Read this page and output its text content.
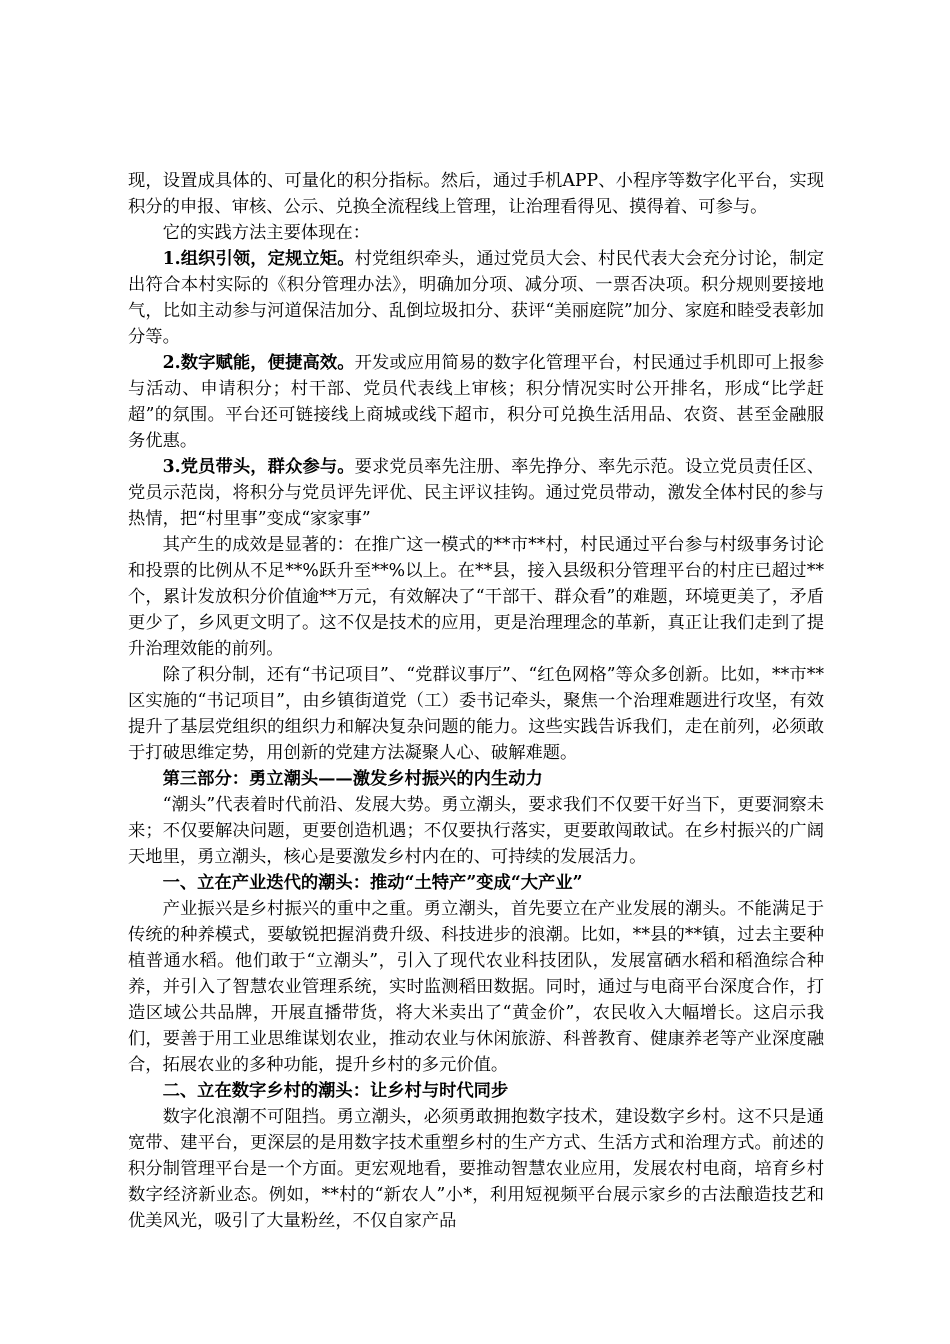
现，设置成具体的、可量化的积分指标。然后，通过手机APP、小程序等数字化平台，实现积分的申报、审核、公示、兑换全流程线上管理，让治理看得见、摸得着、可参与。

它的实践方法主要体现在：

1.组织引领，定规立矩。村党组织牵头，通过党员大会、村民代表大会充分讨论，制定出符合本村实际的《积分管理办法》，明确加分项、减分项、一票否决项。积分规则要接地气，比如主动参与河道保洁加分、乱倒垃圾扣分、获评“美丽庭院”加分、家庭和睦受表彰加分等。

2.数字赋能，便捷高效。开发或应用简易的数字化管理平台，村民通过手机即可上报参与活动、申请积分；村干部、党员代表线上审核；积分情况实时公开排名，形成“比学赶超”的氛围。平台还可链接线上商城或线下超市，积分可兑换生活用品、农资、甚至金融服务优惠。

3.党员带头，群众参与。要求党员率先注册、率先挣分、率先示范。设立党员责任区、党员示范岗，将积分与党员评先评优、民主评议挂钩。通过党员带动，激发全体村民的参与热情，把“村里事”变成“家家事”

其产生的成效是显著的：在推广这一模式的**市**村，村民通过平台参与村级事务讨论和投票的比例从不足**%跃升至**%以上。在**县，接入县级积分管理平台的村庄已超过**个，累计发放积分价值逾**万元，有效解决了“干部干、群众看”的难题，环境更美了，矛盾更少了，乡风更文明了。这不仅是技术的应用，更是治理理念的革新，真正让我们走到了提升治理效能的前列。

除了积分制，还有“书记项目”、“党群议事厅”、“红色网格”等众多创新。比如，**市**区实施的“书记项目”，由乡镇街道党（工）委书记牵头，聚焦一个治理难题进行攻坚，有效提升了基层党组织的组织力和解决复杂问题的能力。这些实践告诉我们，走在前列，必须敢于打破思维定势，用创新的党建方法凝聚人心、破解难题。

第三部分：勇立潮头——激发乡村振兴的内生动力

“潮头”代表着时代前沿、发展大势。勇立潮头，要求我们不仅要干好当下，更要洞察未来；不仅要解决问题，更要创造机遇；不仅要执行落实，更要敢闯敢试。在乡村振兴的广阔天地里，勇立潮头，核心是要激发乡村内在的、可持续的发展活力。

一、立在产业迭代的潮头：推动“土特产”变成“大产业”

产业振兴是乡村振兴的重中之重。勇立潮头，首先要立在产业发展的潮头。不能满足于传统的种养模式，要敏锐把握消费升级、科技进步的浪潮。比如，**县的**镇，过去主要种植普通水稻。他们敢于“立潮头”，引入了现代农业科技团队，发展富硒水稻和稻渔综合种养，并引入了智慧农业管理系统，实时监测稻田数据。同时，通过与电商平台深度合作，打造区域公共品牌，开展直播带货，将大米卖出了“黄金价”，农民收入大幅增长。这启示我们，要善于用工业思维谋划农业，推动农业与休闲旅游、科普教育、健康养老等产业深度融合，拓展农业的多种功能，提升乡村的多元价值。

二、立在数字乡村的潮头：让乡村与时代同步

数字化浪潮不可阻挡。勇立潮头，必须勇敢拥抱数字技术，建设数字乡村。这不只是通宽带、建平台，更深层的是用数字技术重塑乡村的生产方式、生活方式和治理方式。前述的积分制管理平台是一个方面。更宏观地看，要推动智慧农业应用，发展农村电商，培育乡村数字经济新业态。例如，**村的“新农人”小*，利用短视频平台展示家乡的古法酿造技艺和优美风光，吸引了大量粉丝，不仅自家产品
